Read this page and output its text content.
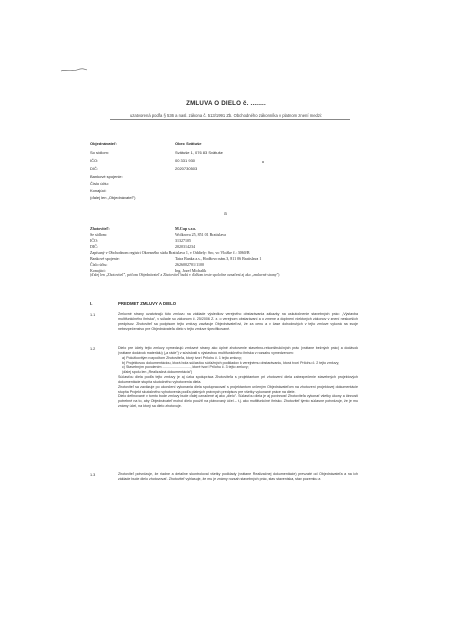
ZMLUVA O DIELO č. ........
uzatvorená podľa § 536 a nasl. zákona č. 513/1991 Zb. Obchodného zákonníka v platnom znení medzi:
Objednávateľ:	Obec Svätuše
So sídlom:	Svätuše 1, 076 83 Svätuše
IČO:	00 331 930
DIČ:	2020730503
Bankové spojenie:
Číslo účtu:
Konajúci:
(ďalej len „Objednávateľ")
a
Zhotoviteľ:	M.Cup s.r.o.
Se sídlom:	Wolkrova 25, 851 01 Bratislava
IČO:	31327105
DIČ:	2020314234
Zapísaný v Obchodnom registri Okresného súdu Bratislava 1, v Oddiely: Sro, vo Vložke č.: 3060/B
Bankové spojenie:	Tatra Banka a.s., Hodžovo nám.3, 811 06 Bratislava 1
Číslo účtu:	2626002701/1100
Konajúci:	Ing. Jozef Michalík
(ďalej len „Zhotoviteľ", pričom Objednávateľ a Zhotoviteľ budú v ďalšom texte spoločne označení aj ako „zmluvné strany")
I.	PREDMET ZMLUVY A DIELO
1.1	Zmluvné strany uzatvárajú túto zmluvu na základe výsledkov verejného obstarávania zákazky na uskutočnenie stavebných prác: „Výstavba multifunkčného ihriska", v súlade so zákonom č. 25/2006 Z. z. o verejnom obstarávaní a o zmene a doplnení niektorých zákonov v znení neskorších predpisov. Zhotoviteľ sa podpisom tejto zmluvy zaväzuje Objednávateľovi, že za cenu a v čase dohodnutých v tejto zmluve vykoná na svoje nebezpečenstvo pre Objednávateľa dielo v tejto zmluve špecifikované.
1.2	Dielo pre účely tejto zmluvy vymedzujú zmluvné strany ako úplné zhotovenie stavebno-rekonštrukčných prác (vrátane bežných prác) a dodávok (vrátane dodávok materiálu) („a ráde") v súvislosti s výstavbou multifunkčného ihriska v rozsahu vymedzenom:

a) Položkovitým rozpočtom Zhotoviteľa, ktorý tvorí Prílohu č. 1 tejto zmluvy;

b) Projektovou dokumentáciou, ktorá bola súčasťou súťažných podkladov k verejnému obstarávaniu, ktorá tvorí Prílohu č. 2 tejto zmluvy;

c) Stavebným povolením ............................, ktoré tvorí Prílohu č. 3 tejto zmluvy;

(ďalej spolu len „Realizačná dokumentácia")

Súčasťou diela podľa tejto zmluvy je aj úzka spolupráca Zhotoviteľa s projektantom pri zhotovení diela zabezpečenie stavebných projektových dokumentácie stupňa skutočného vyhotovenia diela.

Zhotoviteľ sa zaväzuje po ukončení vykonania diela spolupracovať s projektantom určeným Objednávateľom na zhotovení projektovej dokumentácie stupňa Projekt skutočného vyhotovenia podľa platných právnych predpisov pre všetky vykonané práce na diele.

Dielo definované v tomto bode zmluvy bude ďalej označené aj ako „dielo". Súčasťou diela je aj povinnosť Zhotoviteľa vykonať všetky úkony a činnosti potrebné na to, aby Objednávateľ mohol dielo použiť na plánovaný účel – t.j. ako multifunkčné ihrisko. Zhotoviteľ týmto súčasne potvrdzuje, že je mu známy účel, na ktorý sa dielo zhotovuje.

1.3	Zhotoviteľ potvrdzuje, že riadne a detailne skontroloval všetky podklady (vrátane Realizačnej dokumentácie) prevzaté od Objednávateľa a na ich základe bude dielo zhotovovať. Zhotoviteľ vyhlasuje, že mu je známy rozsah stavebných prác, stav staveniska, stav pozemku a
